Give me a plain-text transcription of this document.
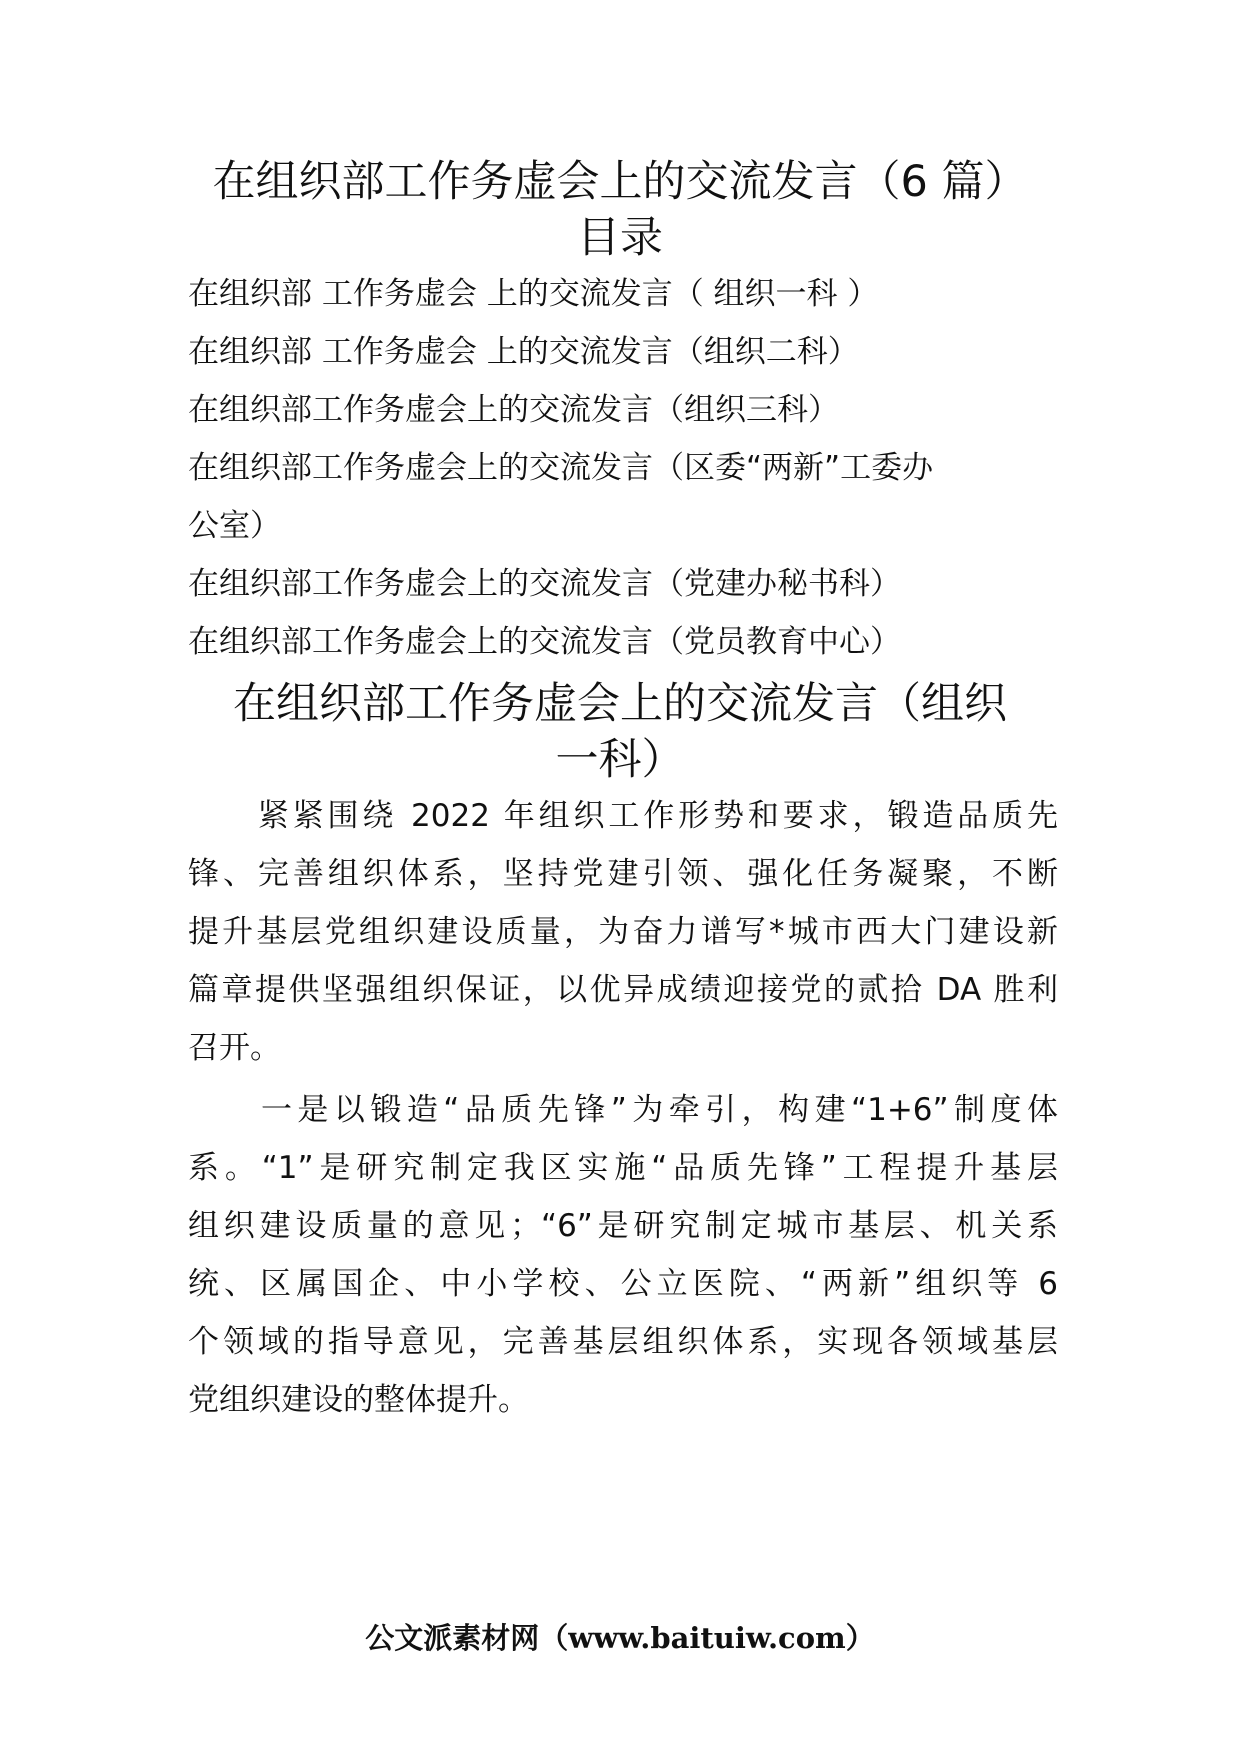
在组织部工作务虚会上的交流发言（6 篇）
目录

在组织部 工作务虚会 上的交流发言（ 组织一科 ）

在组织部 工作务虚会 上的交流发言（组织二科）

在组织部工作务虚会上的交流发言（组织三科）

在组织部工作务虚会上的交流发言（区委“两新”工委办

公室）

在组织部工作务虚会上的交流发言（党建办秘书科）

在组织部工作务虚会上的交流发言（党员教育中心）

在组织部工作务虚会上的交流发言（组织
一科）

　　紧紧围绕 2022 年组织工作形势和要求，锻造品质先

锋、完善组织体系，坚持党建引领、强化任务凝聚，不断

提升基层党组织建设质量，为奋力谱写*城市西大门建设新

篇章提供坚强组织保证，以优异成绩迎接党的贰拾 DA 胜利

召开。

　　一是以锻造“品质先锋”为牵引，构建“1+6”制度体

系。“1”是研究制定我区实施“品质先锋”工程提升基层

组织建设质量的意见；“6”是研究制定城市基层、机关系

统、区属国企、中小学校、公立医院、“两新”组织等 6

个领域的指导意见，完善基层组织体系，实现各领域基层

党组织建设的整体提升。

公文派素材网（www.baituiw.com）
